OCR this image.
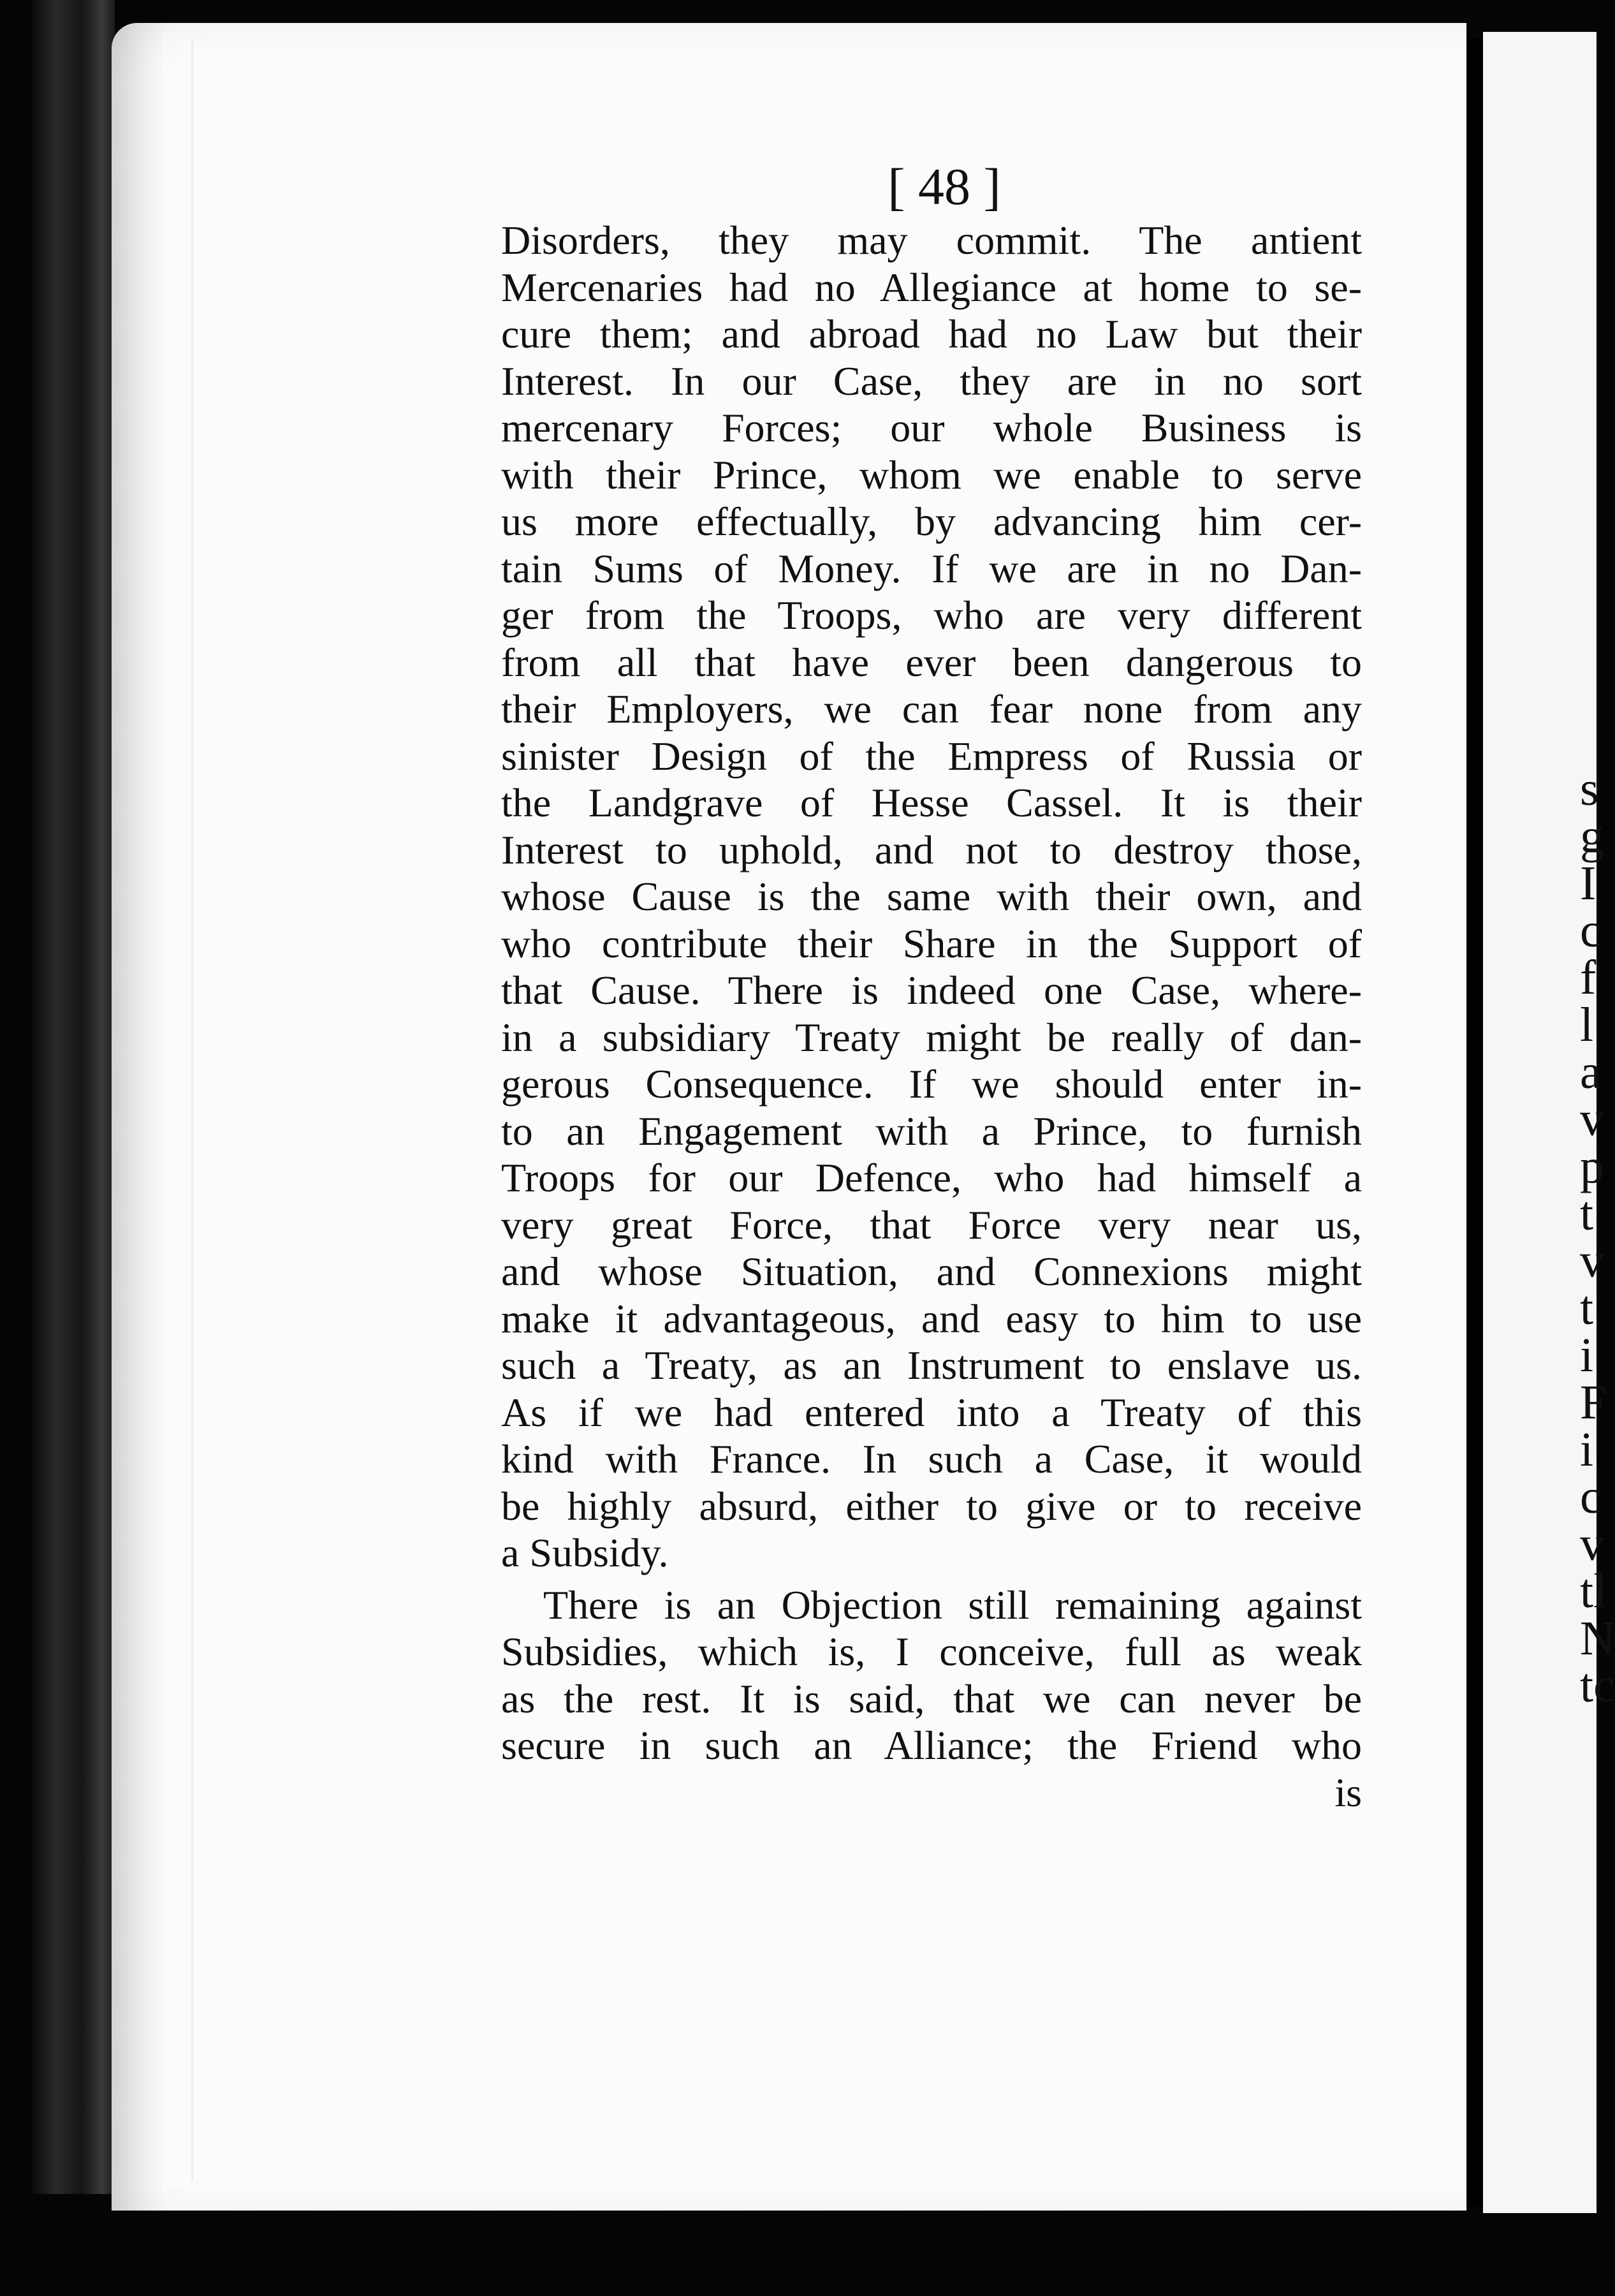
s
g
I
c
f
l
a
v
p
t
v
t
i
F
i
c
v
tl
N
tc
[ 48 ]
Disorders, they may commit. The antient
Mercenaries had no Allegiance at home to se-
cure them; and abroad had no Law but their
Interest. In our Case, they are in no sort
mercenary Forces; our whole Business is
with their Prince, whom we enable to serve
us more effectually, by advancing him cer-
tain Sums of Money. If we are in no Dan-
ger from the Troops, who are very different
from all that have ever been dangerous to
their Employers, we can fear none from any
sinister Design of the Empress of Russia or
the Landgrave of Hesse Cassel. It is their
Interest to uphold, and not to destroy those,
whose Cause is the same with their own, and
who contribute their Share in the Support of
that Cause. There is indeed one Case, where-
in a subsidiary Treaty might be really of dan-
gerous Consequence. If we should enter in-
to an Engagement with a Prince, to furnish
Troops for our Defence, who had himself a
very great Force, that Force very near us,
and whose Situation, and Connexions might
make it advantageous, and easy to him to use
such a Treaty, as an Instrument to enslave us.
As if we had entered into a Treaty of this
kind with France. In such a Case, it would
be highly absurd, either to give or to receive
a Subsidy.
There is an Objection still remaining against
Subsidies, which is, I conceive, full as weak
as the rest. It is said, that we can never be
secure in such an Alliance; the Friend who
is
